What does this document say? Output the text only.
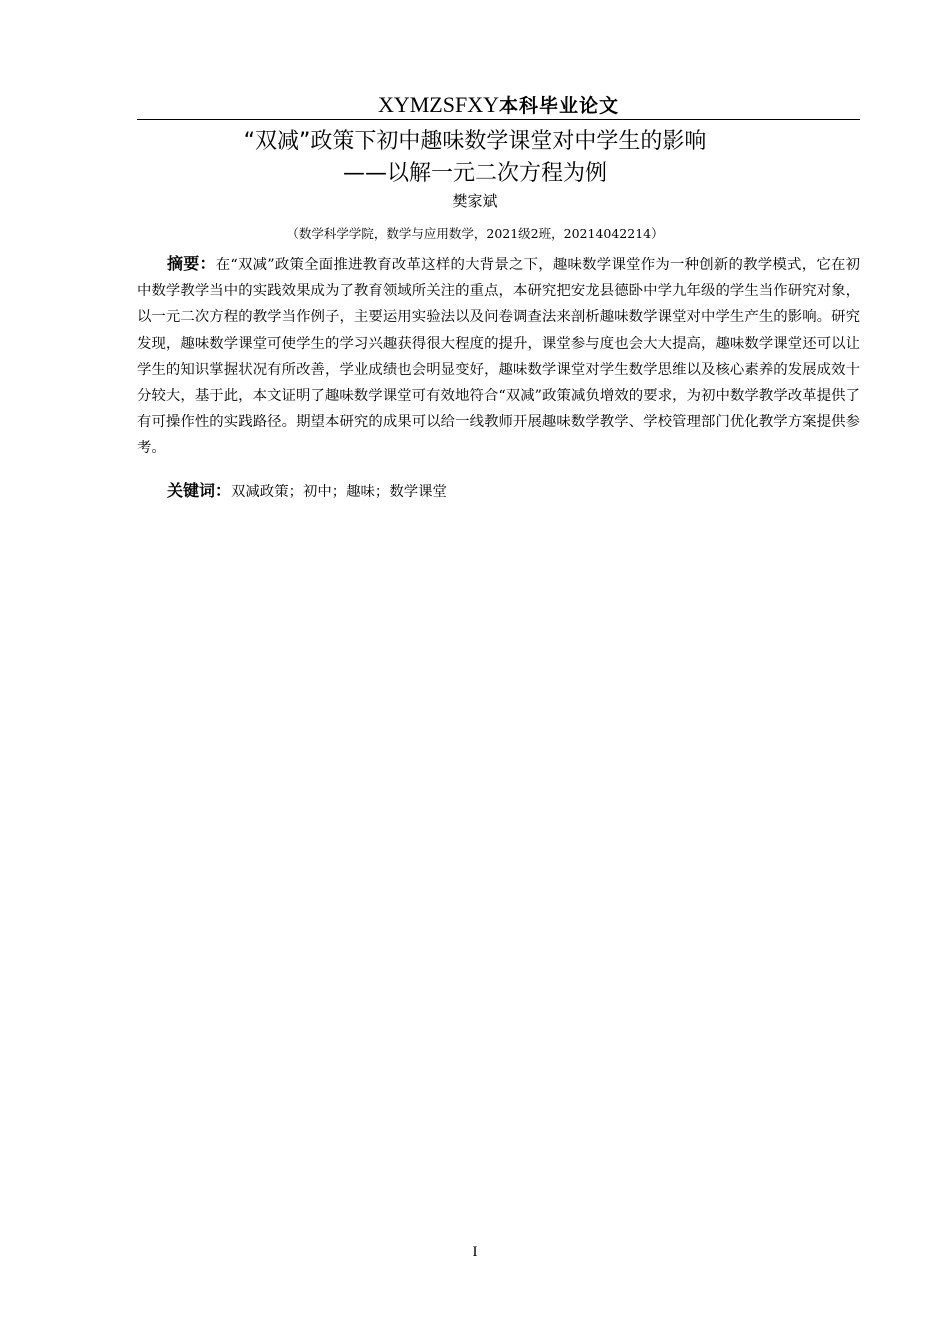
XYMZSFXY本科毕业论文
“双减”政策下初中趣味数学课堂对中学生的影响
——以解一元二次方程为例
樊家斌
（数学科学学院，数学与应用数学，2021级2班，20214042214）
摘要：在“双减”政策全面推进教育改革这样的大背景之下，趣味数学课堂作为一种创新的教学模式，它在初中数学教学当中的实践效果成为了教育领域所关注的重点，本研究把安龙县德卧中学九年级的学生当作研究对象，以一元二次方程的教学当作例子，主要运用实验法以及问卷调查法来剖析趣味数学课堂对中学生产生的影响。研究发现，趣味数学课堂可使学生的学习兴趣获得很大程度的提升，课堂参与度也会大大提高，趣味数学课堂还可以让学生的知识掌握状况有所改善，学业成绩也会明显变好，趣味数学课堂对学生数学思维以及核心素养的发展成效十分较大，基于此，本文证明了趣味数学课堂可有效地符合“双减”政策减负增效的要求，为初中数学教学改革提供了有可操作性的实践路径。期望本研究的成果可以给一线教师开展趣味数学教学、学校管理部门优化教学方案提供参考。
关键词：双减政策；初中；趣味；数学课堂
I
